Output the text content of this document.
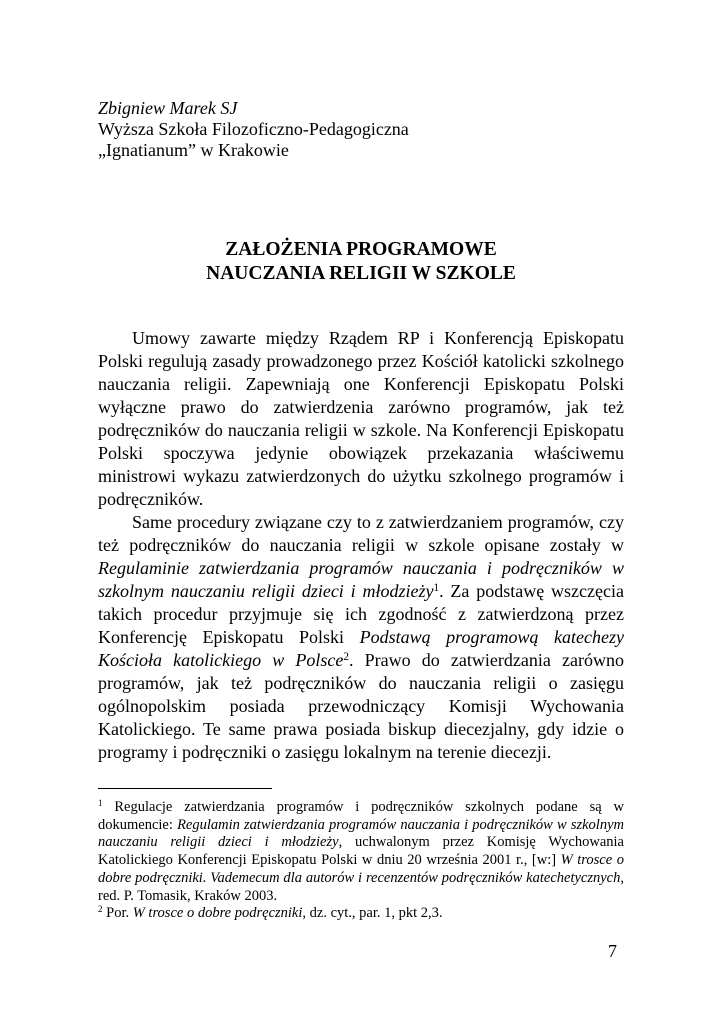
Zbigniew Marek SJ
Wyższa Szkoła Filozoficzno-Pedagogiczna
„Ignatianum” w Krakowie
ZAŁOŻENIA PROGRAMOWE
NAUCZANIA RELIGII W SZKOLE

Umowy zawarte między Rządem RP i Konferencją Episkopatu Polski regulują zasady prowadzonego przez Kościół katolicki szkolnego nauczania religii. Zapewniają one Konferencji Episkopatu Polski wyłączne prawo do zatwierdzenia zarówno programów, jak też podręczników do nauczania religii w szkole. Na Konferencji Episkopatu Polski spoczywa jedynie obowiązek przekazania właściwemu ministrowi wykazu zatwierdzonych do użytku szkolnego programów i podręczników.

Same procedury związane czy to z zatwierdzaniem programów, czy też podręczników do nauczania religii w szkole opisane zostały w Regulaminie zatwierdzania programów nauczania i podręczników w szkolnym nauczaniu religii dzieci i młodzieży$^1$. Za podstawę wszczęcia takich procedur przyjmuje się ich zgodność z zatwierdzoną przez Konferencję Episkopatu Polski Podstawą programową katechezy Kościoła katolickiego w Polsce$^2$. Prawo do zatwierdzania zarówno programów, jak też podręczników do nauczania religii o zasięgu ogólnopolskim posiada przewodniczący Komisji Wychowania Katolickiego. Te same prawa posiada biskup diecezjalny, gdy idzie o programy i podręczniki o zasięgu lokalnym na terenie diecezji.

$^1$ Regulacje zatwierdzania programów i podręczników szkolnych podane są w dokumencie: Regulamin zatwierdzania programów nauczania i podręczników w szkolnym nauczaniu religii dzieci i młodzieży, uchwalonym przez Komisję Wychowania Katolickiego Konferencji Episkopatu Polski w dniu 20 września 2001 r., [w:] W trosce o dobre podręczniki. Vademecum dla autorów i recenzentów podręczników katechetycznych, red. P. Tomasik, Kraków 2003.

$^2$ Por. W trosce o dobre podręczniki, dz. cyt., par. 1, pkt 2,3.

7
